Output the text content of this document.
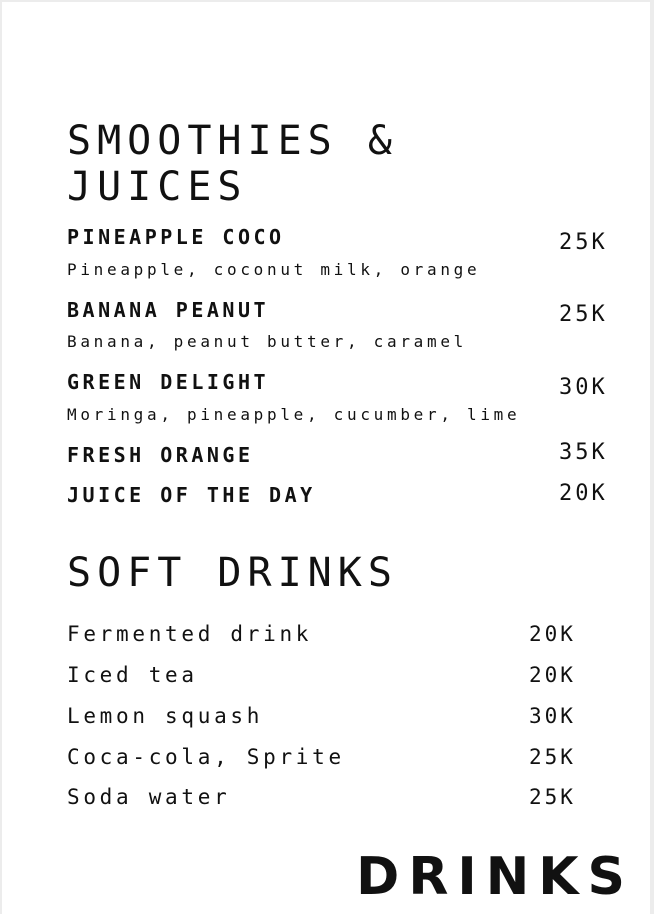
SMOOTHIES & JUICES
PINEAPPLE COCO	25K
Pineapple, coconut milk, orange
BANANA PEANUT	25K
Banana, peanut butter, caramel
GREEN DELIGHT	30K
Moringa, pineapple, cucumber, lime
FRESH ORANGE	35K
JUICE OF THE DAY	20K
SOFT DRINKS
Fermented drink	20K
Iced tea	20K
Lemon squash	30K
Coca-cola, Sprite	25K
Soda water	25K
DRINKS
